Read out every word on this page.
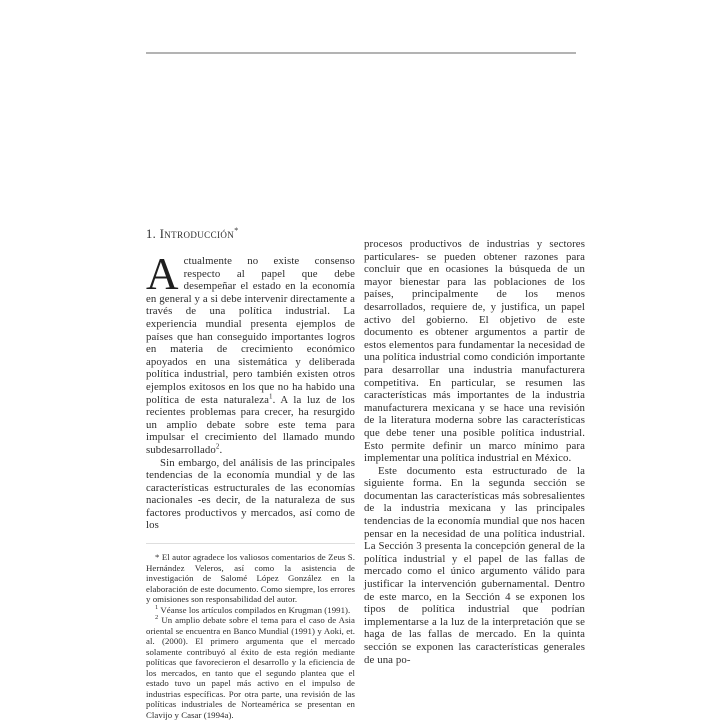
1. Introducción*

Actualmente no existe consenso respecto al papel que debe desempeñar el estado en la economía en general y a si debe intervenir directamente a través de una política industrial. La experiencia mundial presenta ejemplos de países que han conseguido importantes logros en materia de crecimiento económico apoyados en una sistemática y deliberada política industrial, pero también existen otros ejemplos exitosos en los que no ha habido una política de esta naturaleza$^1$. A la luz de los recientes problemas para crecer, ha resurgido un amplio debate sobre este tema para impulsar el crecimiento del llamado mundo subdesarrollado$^2$.

Sin embargo, del análisis de las principales tendencias de la economía mundial y de las características estructurales de las economías nacionales -es decir, de la naturaleza de sus factores productivos y mercados, así como de los

* El autor agradece los valiosos comentarios de Zeus S. Hernández Veleros, así como la asistencia de investigación de Salomé López González en la elaboración de este documento. Como siempre, los errores y omisiones son responsabilidad del autor.

$^1$ Véanse los artículos compilados en Krugman (1991).

$^2$ Un amplio debate sobre el tema para el caso de Asia oriental se encuentra en Banco Mundial (1991) y Aoki, et. al. (2000). El primero argumenta que el mercado solamente contribuyó al éxito de esta región mediante políticas que favorecieron el desarrollo y la eficiencia de los mercados, en tanto que el segundo plantea que el estado tuvo un papel más activo en el impulso de industrias específicas. Por otra parte, una revisión de las políticas industriales de Norteamérica se presentan en Clavijo y Casar (1994a).

procesos productivos de industrias y sectores particulares- se pueden obtener razones para concluir que en ocasiones la búsqueda de un mayor bienestar para las poblaciones de los países, principalmente de los menos desarrollados, requiere de, y justifica, un papel activo del gobierno. El objetivo de este documento es obtener argumentos a partir de estos elementos para fundamentar la necesidad de una política industrial como condición importante para desarrollar una industria manufacturera competitiva. En particular, se resumen las características más importantes de la industria manufacturera mexicana y se hace una revisión de la literatura moderna sobre las características que debe tener una posible política industrial. Esto permite definir un marco mínimo para implementar una política industrial en México.

Este documento esta estructurado de la siguiente forma. En la segunda sección se documentan las características más sobresalientes de la industria mexicana y las principales tendencias de la economía mundial que nos hacen pensar en la necesidad de una política industrial. La Sección 3 presenta la concepción general de la política industrial y el papel de las fallas de mercado como el único argumento válido para justificar la intervención gubernamental. Dentro de este marco, en la Sección 4 se exponen los tipos de política industrial que podrían implementarse a la luz de la interpretación que se haga de las fallas de mercado. En la quinta sección se exponen las características generales de una po-
